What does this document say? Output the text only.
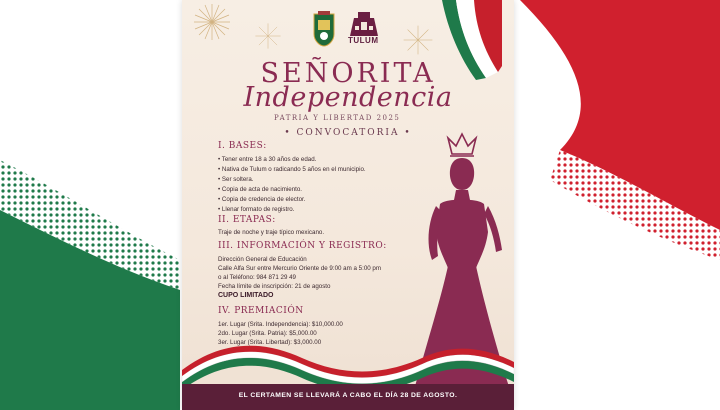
TULUM
SEÑORITA
Independencia
PATRIA Y LIBERTAD 2025
• CONVOCATORIA •
I. BASES:
• Tener entre 18 a 30 años de edad.
• Nativa de Tulum o radicando 5 años en el municipio.
• Ser soltera.
• Copia de acta de nacimiento.
• Copia de credencia de elector.
• Llenar formato de registro.
II. ETAPAS:
Traje de noche y traje típico mexicano.
III. INFORMACIÓN Y REGISTRO:
Dirección General de Educación
Calle Alfa Sur entre Mercurio Oriente de 9:00 am a 5:00 pm
o al Teléfono: 984 871 29 49
Fecha límite de inscripción: 21 de agosto
CUPO LIMITADO
IV. PREMIACIÓN
1er. Lugar (Srita. Independencia): $10,000.00
2do. Lugar (Srita. Patria): $5,000.00
3er. Lugar (Srita. Libertad): $3,000.00
EL CERTAMEN SE LLEVARÁ A CABO EL DÍA 28 DE AGOSTO.
